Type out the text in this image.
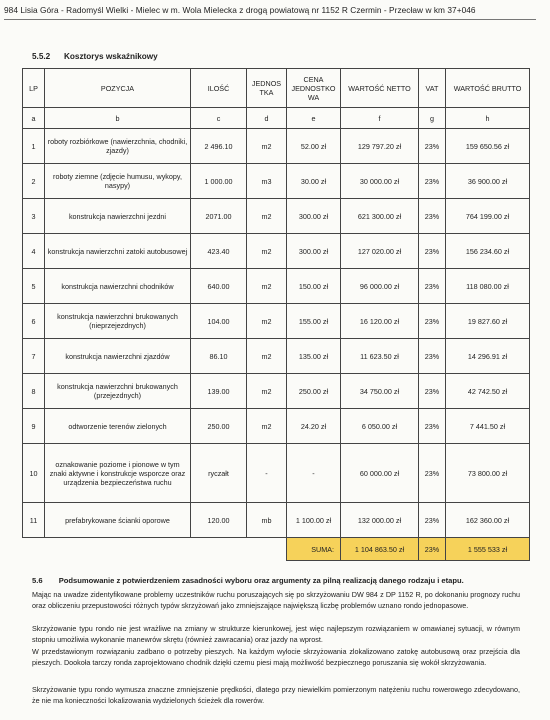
984 Lisia Góra - Radomyśl Wielki - Mielec w m. Wola Mielecka z drogą powiatową nr 1152 R Czermin - Przecław w km 37+046
5.5.2 Kosztorys wskaźnikowy
LP	POZYCJA	ILOŚĆ	JEDNOS TKA	CENA JEDNOSTKO WA	WARTOŚĆ NETTO	VAT	WARTOŚĆ BRUTTO
a	b	c	d	e	f	g	h
1	roboty rozbiórkowe (nawierzchnia, chodniki, zjazdy)	2 496.10	m2	52.00 zł	129 797.20 zł	23%	159 650.56 zł
2	roboty ziemne (zdjęcie humusu, wykopy, nasypy)	1 000.00	m3	30.00 zł	30 000.00 zł	23%	36 900.00 zł
3	konstrukcja nawierzchni jezdni	2071.00	m2	300.00 zł	621 300.00 zł	23%	764 199.00 zł
4	konstrukcja nawierzchni zatoki autobusowej	423.40	m2	300.00 zł	127 020.00 zł	23%	156 234.60 zł
5	konstrukcja nawierzchni chodników	640.00	m2	150.00 zł	96 000.00 zł	23%	118 080.00 zł
6	konstrukcja nawierzchni brukowanych (nieprzejezdnych)	104.00	m2	155.00 zł	16 120.00 zł	23%	19 827.60 zł
7	konstrukcja nawierzchni zjazdów	86.10	m2	135.00 zł	11 623.50 zł	23%	14 296.91 zł
8	konstrukcja nawierzchni brukowanych (przejezdnych)	139.00	m2	250.00 zł	34 750.00 zł	23%	42 742.50 zł
9	odtworzenie terenów zielonych	250.00	m2	24.20 zł	6 050.00 zł	23%	7 441.50 zł
10	oznakowanie poziome i pionowe w tym znaki aktywne i konstrukcje wsporcze oraz urządzenia bezpieczeństwa ruchu	ryczałt	-	-	60 000.00 zł	23%	73 800.00 zł
11	prefabrykowane ścianki oporowe	120.00	mb	1 100.00 zł	132 000.00 zł	23%	162 360.00 zł
				SUMA:	1 104 863.50 zł	23%	1 555 533 zł
5.6 Podsumowanie z potwierdzeniem zasadności wyboru oraz argumenty za pilną realizacją danego rodzaju i etapu.
Mając na uwadze zidentyfikowane problemy uczestników ruchu poruszających się po skrzyżowaniu DW 984 z DP 1152 R, po dokonaniu prognozy ruchu oraz obliczeniu przepustowości różnych typów skrzyżowań jako zmniejszające największą liczbę problemów uznano rondo jednopasowe.
Skrzyżowanie typu rondo nie jest wrażliwe na zmiany w strukturze kierunkowej, jest więc najlepszym rozwiązaniem w omawianej sytuacji, w równym stopniu umożliwia wykonanie manewrów skrętu (również zawracania) oraz jazdy na wprost.
W przedstawionym rozwiązaniu zadbano o potrzeby pieszych. Na każdym wylocie skrzyżowania zlokalizowano zatokę autobusową oraz przejścia dla pieszych. Dookoła tarczy ronda zaprojektowano chodnik dzięki czemu piesi mają możliwość bezpiecznego poruszania się wokół skrzyżowania.
Skrzyżowanie typu rondo wymusza znaczne zmniejszenie prędkości, dlatego przy niewielkim pomierzonym natężeniu ruchu rowerowego zdecydowano, że nie ma konieczności lokalizowania wydzielonych ścieżek dla rowerów.
